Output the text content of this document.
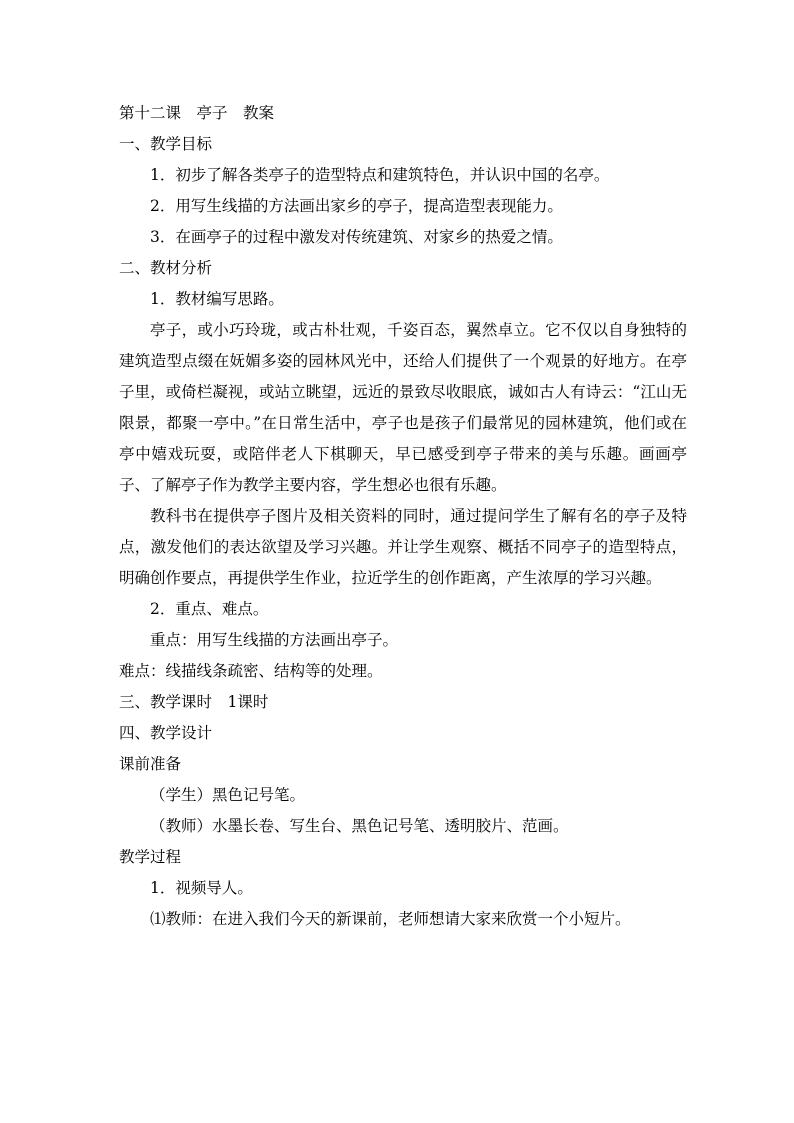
第十二课　亭子　教案
一、教学目标
1．初步了解各类亭子的造型特点和建筑特色，并认识中国的名亭。
2．用写生线描的方法画出家乡的亭子，提高造型表现能力。
3．在画亭子的过程中激发对传统建筑、对家乡的热爱之情。
二、教材分析
1．教材编写思路。

亭子，或小巧玲珑，或古朴壮观，千姿百态，翼然卓立。它不仅以自身独特的建筑造型点缀在妩媚多姿的园林风光中，还给人们提供了一个观景的好地方。在亭子里，或倚栏凝视，或站立眺望，远近的景致尽收眼底，诚如古人有诗云：“江山无限景，都聚一亭中。”在日常生活中，亭子也是孩子们最常见的园林建筑，他们或在亭中嬉戏玩耍，或陪伴老人下棋聊天，早已感受到亭子带来的美与乐趣。画画亭子、了解亭子作为教学主要内容，学生想必也很有乐趣。

教科书在提供亭子图片及相关资料的同时，通过提问学生了解有名的亭子及特点，激发他们的表达欲望及学习兴趣。并让学生观察、概括不同亭子的造型特点，明确创作要点，再提供学生作业，拉近学生的创作距离，产生浓厚的学习兴趣。

2．重点、难点。
重点：用写生线描的方法画出亭子。
难点：线描线条疏密、结构等的处理。
三、教学课时　1课时
四、教学设计
课前准备
（学生）黑色记号笔。
（教师）水墨长卷、写生台、黑色记号笔、透明胶片、范画。
教学过程
1．视频导人。
⑴教师：在进入我们今天的新课前，老师想请大家来欣赏一个小短片。
